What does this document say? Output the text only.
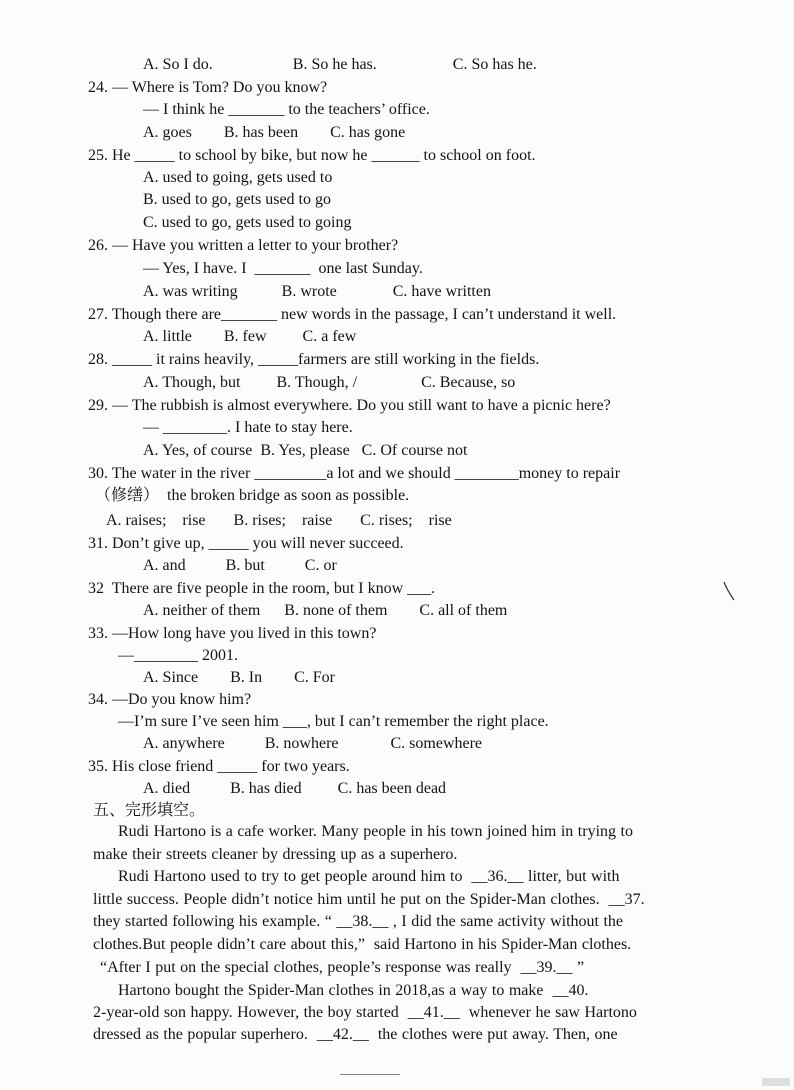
A. So I do.                    B. So he has.                   C. So has he.
24. — Where is Tom? Do you know?
— I think he _______ to the teachers’ office.
A. goes        B. has been        C. has gone
25. He _____ to school by bike, but now he ______ to school on foot.
A. used to going, gets used to
B. used to go, gets used to go
C. used to go, gets used to going
26. — Have you written a letter to your brother?
— Yes, I have. I  _______  one last Sunday.
A. was writing           B. wrote              C. have written
27. Though there are_______ new words in the passage, I can’t understand it well.
A. little        B. few         C. a few
28. _____ it rains heavily, _____farmers are still working in the fields.
A. Though, but         B. Though, /                C. Because, so
29. — The rubbish is almost everywhere. Do you still want to have a picnic here?
— ________. I hate to stay here.
A. Yes, of course  B. Yes, please   C. Of course not
30. The water in the river _________a lot and we should ________money to repair
（修缮）  the broken bridge as soon as possible.
A. raises;    rise       B. rises;    raise       C. rises;    rise
31. Don’t give up, _____ you will never succeed.
A. and          B. but          C. or
32  There are five people in the room, but I know ___.
A. neither of them      B. none of them        C. all of them
33. —How long have you lived in this town?
—________ 2001.
A. Since        B. In        C. For
34. —Do you know him?
—I’m sure I’ve seen him ___, but I can’t remember the right place.
A. anywhere          B. nowhere             C. somewhere
35. His close friend _____ for two years.
A. died          B. has died         C. has been dead
五、完形填空。
Rudi Hartono is a cafe worker. Many people in his town joined him in trying to
make their streets cleaner by dressing up as a superhero.
Rudi Hartono used to try to get people around him to  __36.__ litter, but with
little success. People didn’t notice him until he put on the Spider-Man clothes.  __37.
they started following his example. “ __38.__ , I did the same activity without the
clothes.But people didn’t care about this,”  said Hartono in his Spider-Man clothes.
“After I put on the special clothes, people’s response was really  __39.__ ”
Hartono bought the Spider-Man clothes in 2018,as a way to make  __40.
2-year-old son happy. However, the boy started  __41.__  whenever he saw Hartono
dressed as the popular superhero.  __42.__  the clothes were put away. Then, one
